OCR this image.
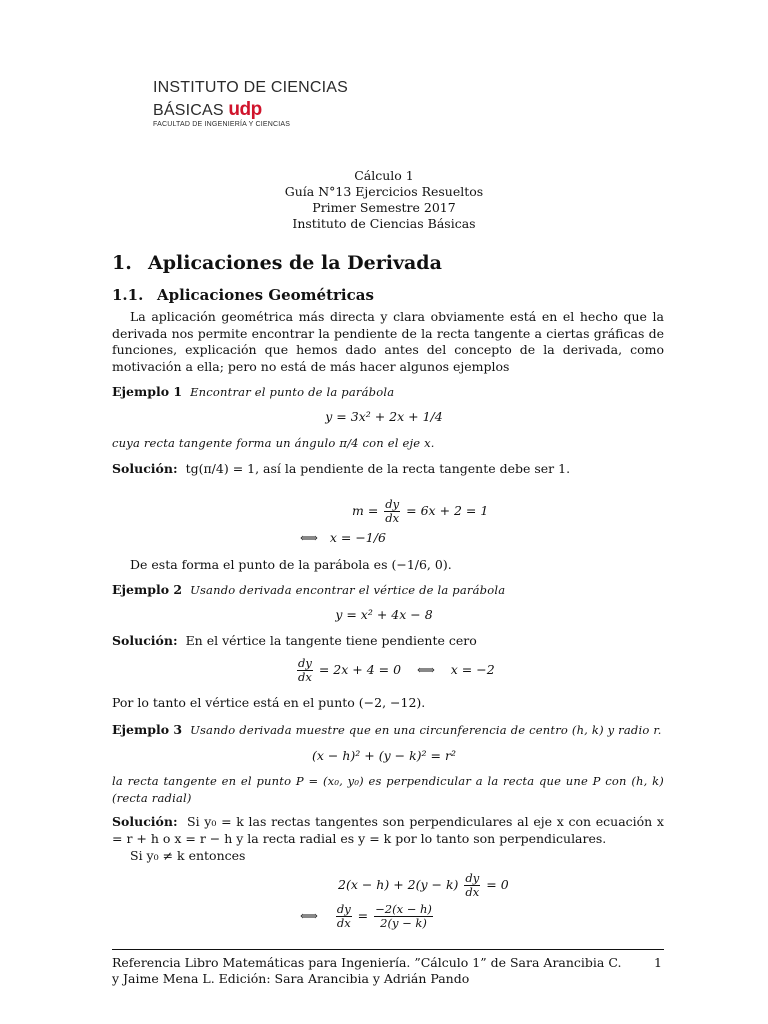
INSTITUTO DE CIENCIAS
BÁSICAS udp
FACULTAD DE INGENIERÍA Y CIENCIAS
Cálculo 1
Guía N°13 Ejercicios Resueltos
Primer Semestre 2017
Instituto de Ciencias Básicas
1. Aplicaciones de la Derivada
1.1. Aplicaciones Geométricas
La aplicación geométrica más directa y clara obviamente está en el hecho que la derivada nos permite encontrar la pendiente de la recta tangente a ciertas gráficas de funciones, explicación que hemos dado antes del concepto de la derivada, como motivación a ella; pero no está de más hacer algunos ejemplos
Ejemplo 1 Encontrar el punto de la parábola
y = 3x² + 2x + 1/4
cuya recta tangente forma un ángulo π/4 con el eje x.
Solución: tg(π/4) = 1, así la pendiente de la recta tangente debe ser 1.
$m = \frac{dy}{dx} = 6x + 2 = 1$
⟺ x = −1/6
De esta forma el punto de la parábola es (−1/6, 0).
Ejemplo 2 Usando derivada encontrar el vértice de la parábola
y = x² + 4x − 8
Solución: En el vértice la tangente tiene pendiente cero
$\frac{dy}{dx} = 2x + 4 = 0$ ⟺ x = −2
Por lo tanto el vértice está en el punto (−2, −12).
Ejemplo 3 Usando derivada muestre que en una circunferencia de centro (h, k) y radio r.
(x − h)² + (y − k)² = r²
la recta tangente en el punto P = (x₀, y₀) es perpendicular a la recta que une P con (h, k) (recta radial)
Solución: Si y₀ = k las rectas tangentes son perpendiculares al eje x con ecuación x = r + h o x = r − h y la recta radial es y = k por lo tanto son perpendiculares.
Si y₀ ≠ k entonces
$2(x - h) + 2(y - k) \frac{dy}{dx} = 0$
⟺ $\frac{dy}{dx} = \frac{-2(x - h)}{2(y - k)}$
Referencia Libro Matemáticas para Ingeniería. ”Cálculo 1” de Sara Arancibia C.
y Jaime Mena L. Edición: Sara Arancibia y Adrián Pando
1
